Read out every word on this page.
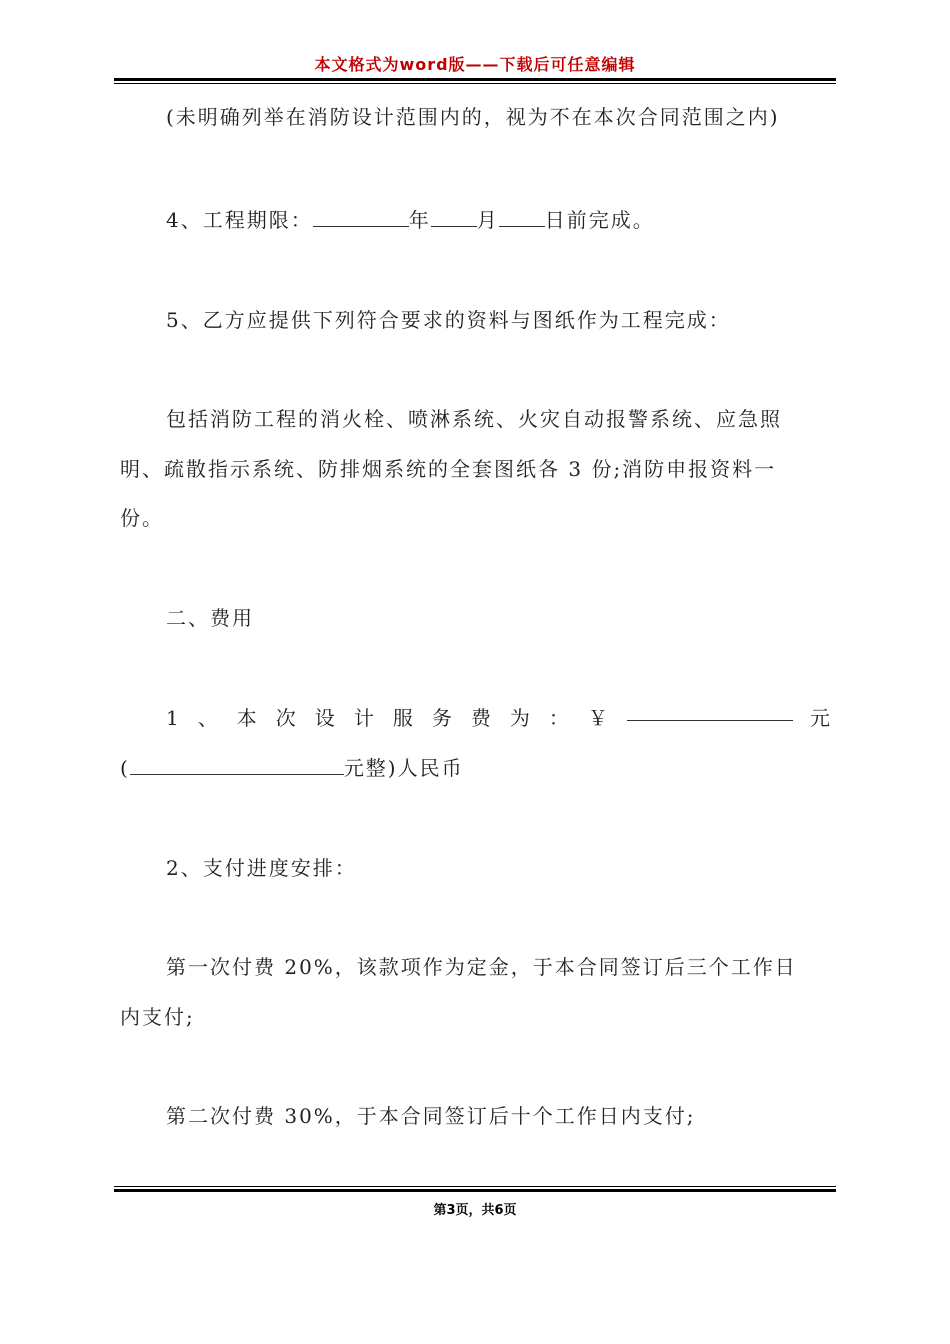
本文格式为word版——下载后可任意编辑

(未明确列举在消防设计范围内的，视为不在本次合同范围之内)

4、工程期限：	年 月 日前完成。

5、乙方应提供下列符合要求的资料与图纸作为工程完成：

包括消防工程的消火栓、喷淋系统、火灾自动报警系统、应急照

明、疏散指示系统、防排烟系统的全套图纸各 3 份;消防申报资料一

份。

二、费用

1 、 本 次 设 计 服 务 费 为 ： ￥	元

(	元整)人民币

2、支付进度安排：

第一次付费 20%，该款项作为定金，于本合同签订后三个工作日

内支付;

第二次付费 30%，于本合同签订后十个工作日内支付;

第3页，共6页
